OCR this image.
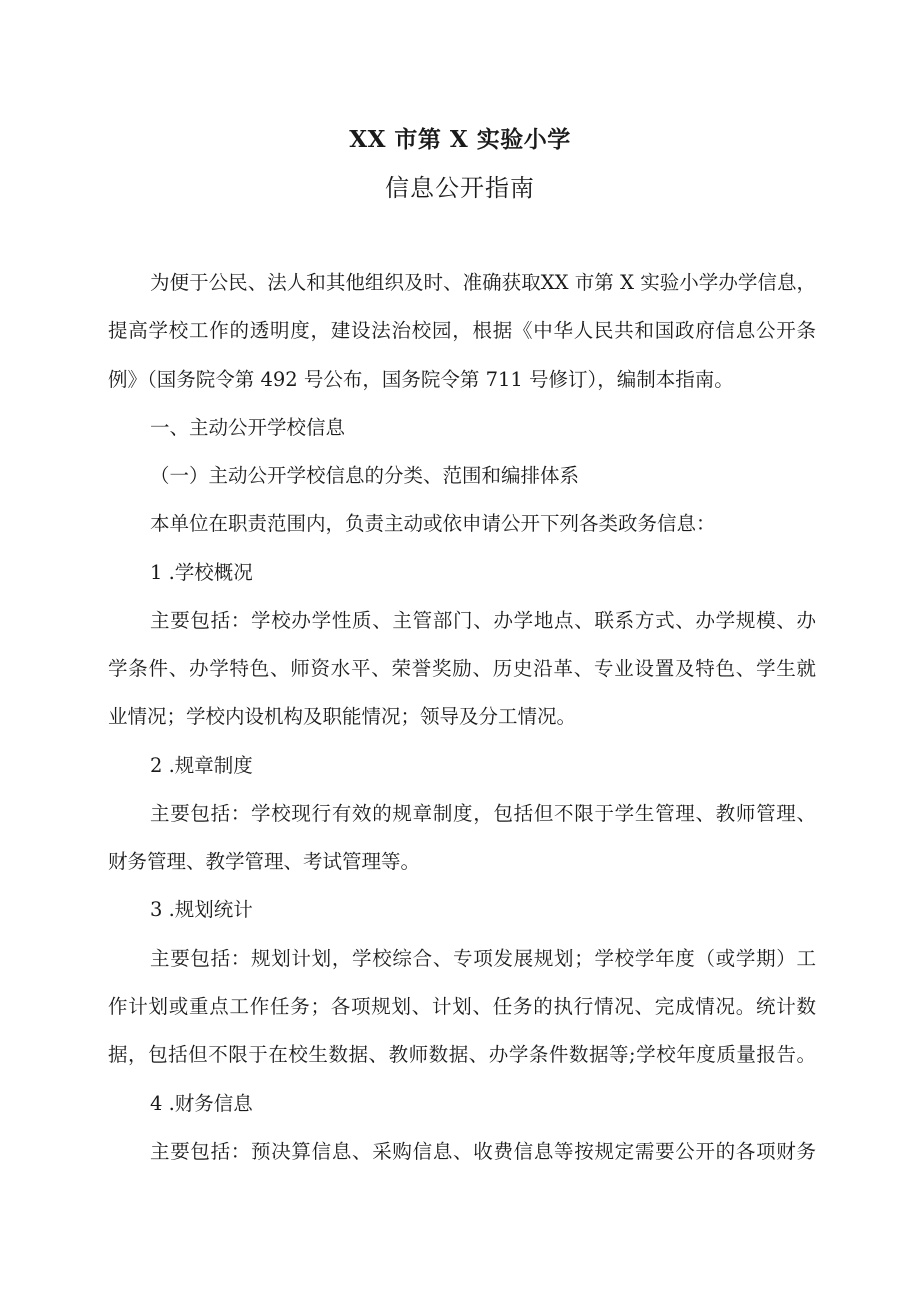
XX 市第 X 实验小学
信息公开指南
为便于公民、法人和其他组织及时、准确获取XX 市第 X 实验小学办学信息，
提高学校工作的透明度，建设法治校园，根据《中华人民共和国政府信息公开条
例》（国务院令第 492 号公布，国务院令第 711 号修订），编制本指南。
一、主动公开学校信息
（一）主动公开学校信息的分类、范围和编排体系
本单位在职责范围内，负责主动或依申请公开下列各类政务信息：
1 .学校概况
主要包括：学校办学性质、主管部门、办学地点、联系方式、办学规模、办
学条件、办学特色、师资水平、荣誉奖励、历史沿革、专业设置及特色、学生就
业情况；学校内设机构及职能情况；领导及分工情况。
2 .规章制度
主要包括：学校现行有效的规章制度，包括但不限于学生管理、教师管理、
财务管理、教学管理、考试管理等。
3 .规划统计
主要包括：规划计划，学校综合、专项发展规划；学校学年度（或学期）工
作计划或重点工作任务；各项规划、计划、任务的执行情况、完成情况。统计数
据，包括但不限于在校生数据、教师数据、办学条件数据等;学校年度质量报告。
4 .财务信息
主要包括：预决算信息、采购信息、收费信息等按规定需要公开的各项财务
